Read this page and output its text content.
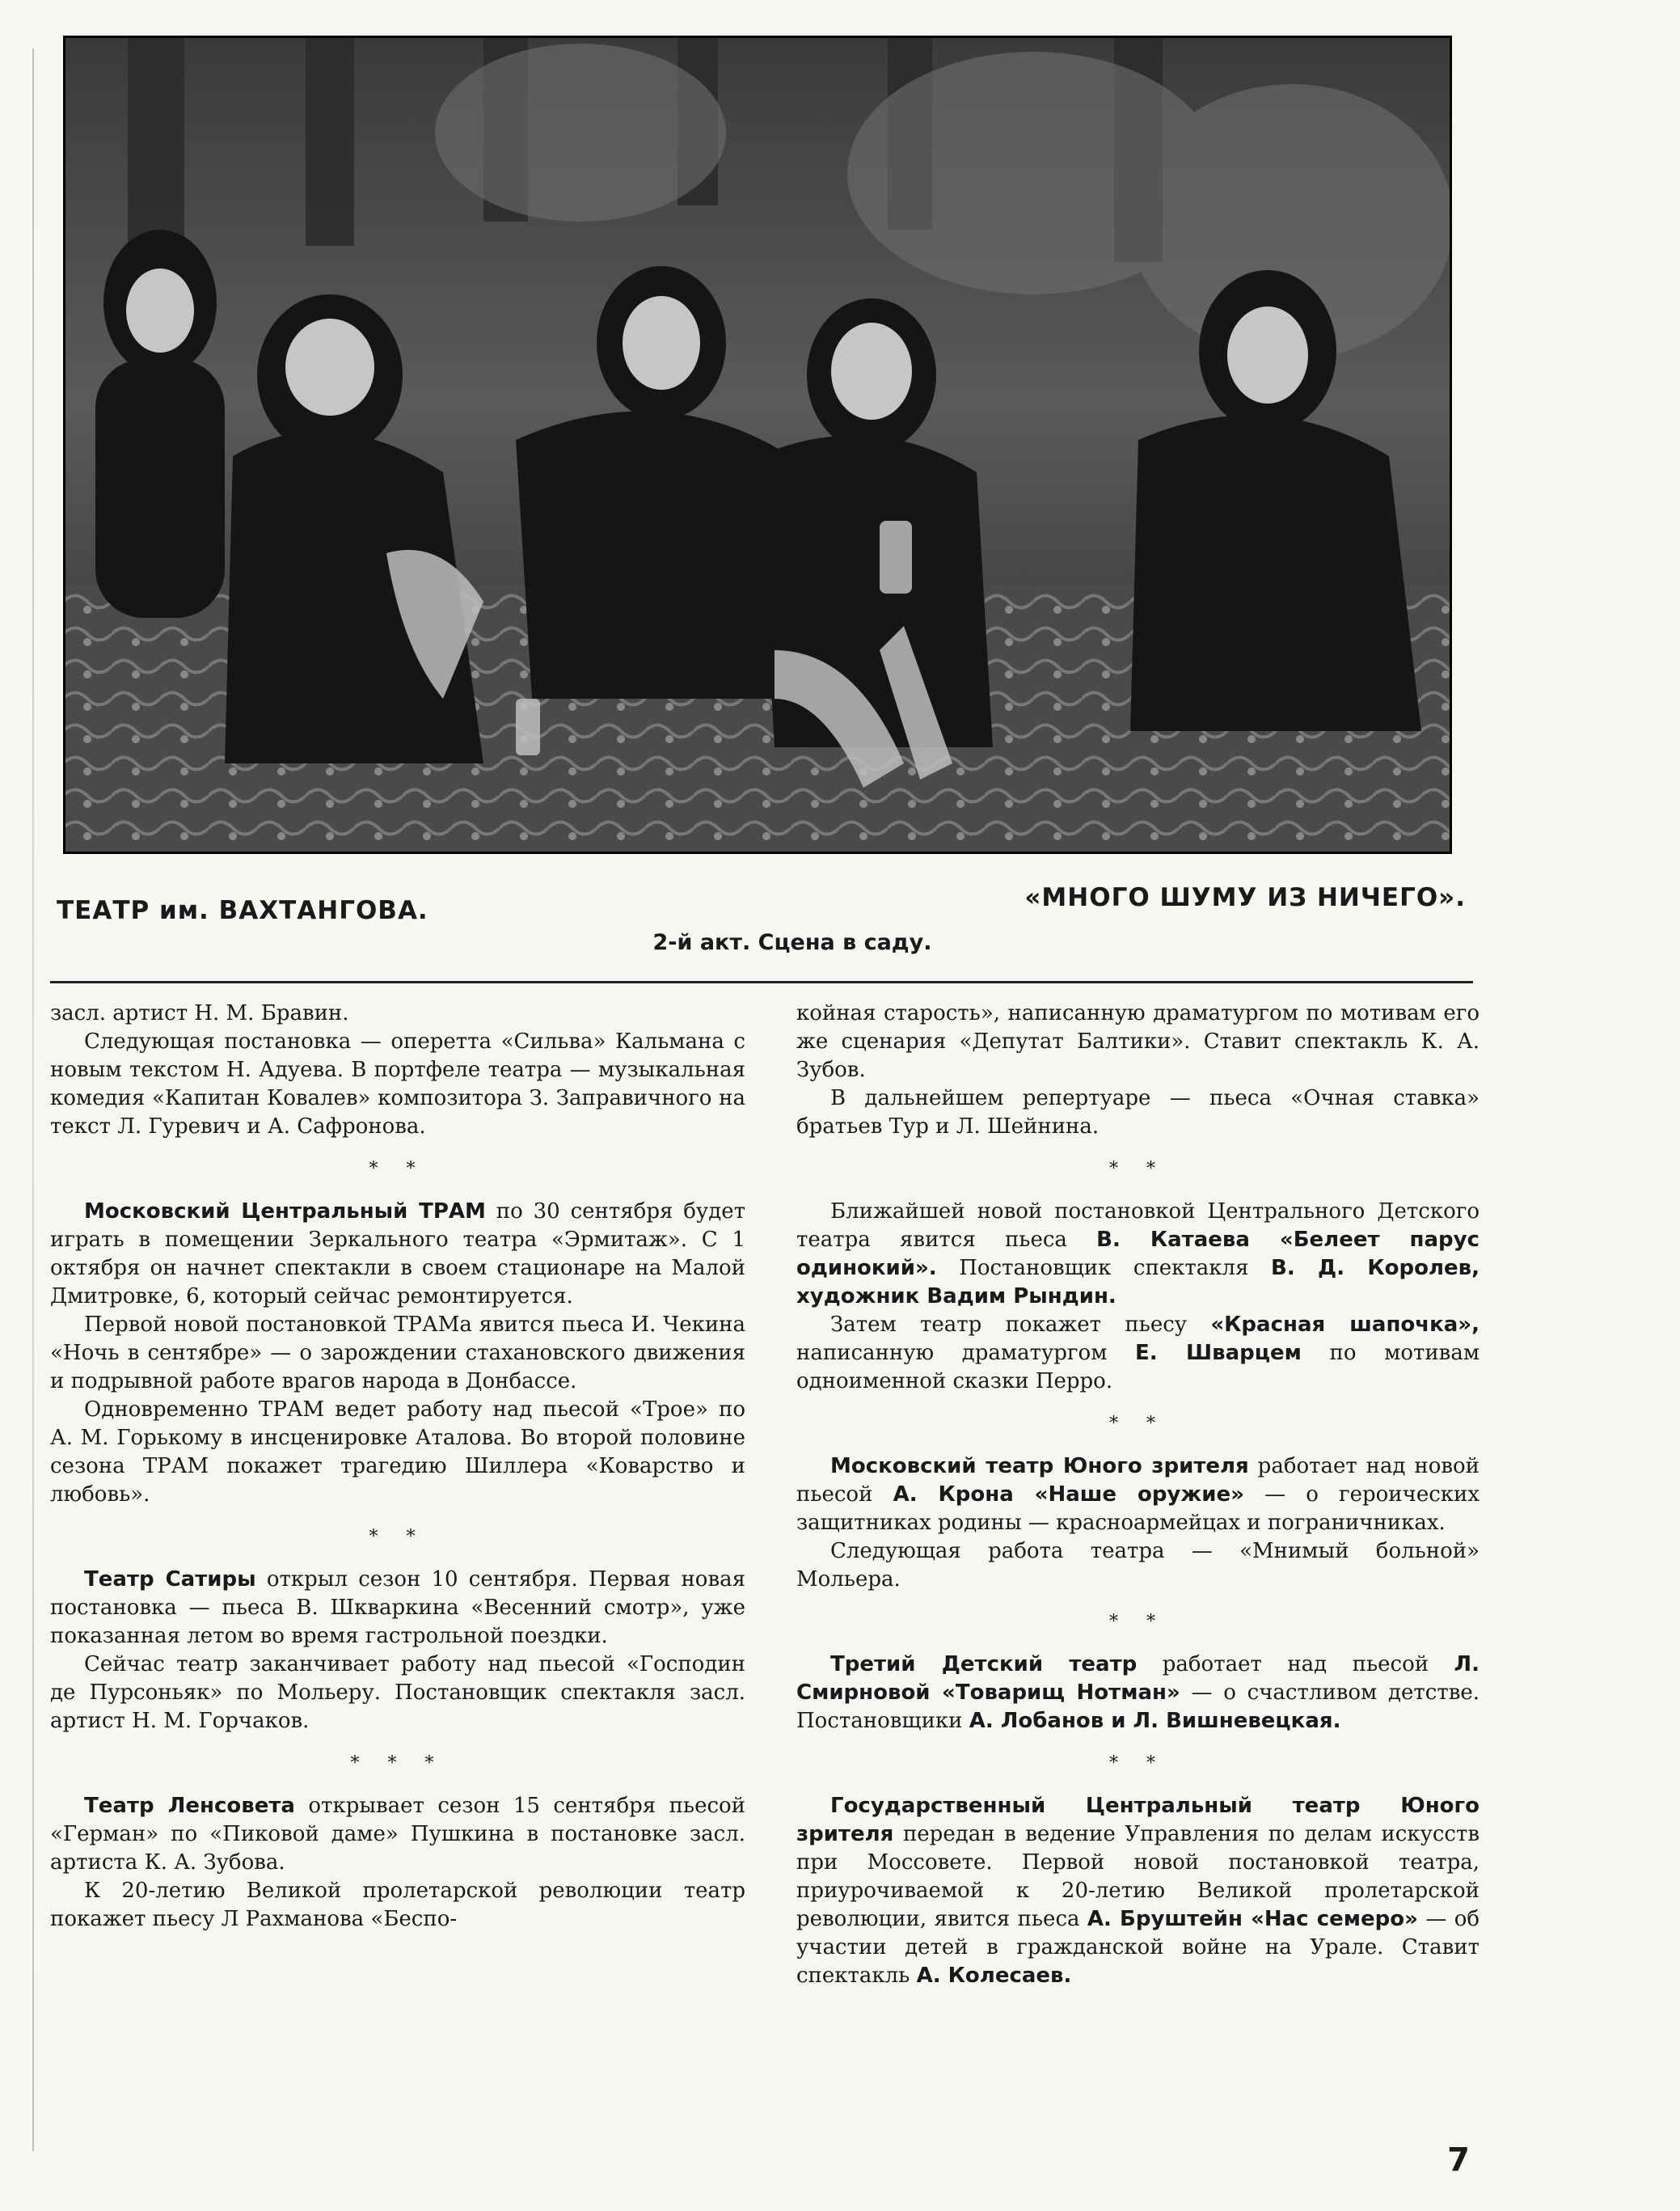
ТЕАТР им. ВАХТАНГОВА.	«МНОГО ШУМУ ИЗ НИЧЕГО».
2-й акт. Сцена в саду.

засл. артист Н. М. Бравин.

Следующая постановка — оперетта «Сильва» Кальмана с новым текстом Н. Адуева. В портфеле театра — музыкальная комедия «Капитан Ковалев» композитора З. Заправичного на текст Л. Гуревич и А. Сафронова.

* *

Московский Центральный ТРАМ по 30 сентября будет играть в помещении Зеркального театра «Эрмитаж». С 1 октября он начнет спектакли в своем стационаре на Малой Дмитровке, 6, который сейчас ремонтируется.

Первой новой постановкой ТРАМа явится пьеса И. Чекина «Ночь в сентябре» — о зарождении стахановского движения и подрывной работе врагов народа в Донбассе.

Одновременно ТРАМ ведет работу над пьесой «Трое» по А. М. Горькому в инсценировке Аталова. Во второй половине сезона ТРАМ покажет трагедию Шиллера «Коварство и любовь».

* *

Театр Сатиры открыл сезон 10 сентября. Первая новая постановка — пьеса В. Шкваркина «Весенний смотр», уже показанная летом во время гастрольной поездки.

Сейчас театр заканчивает работу над пьесой «Господин де Пурсоньяк» по Мольеру. Постановщик спектакля засл. артист Н. М. Горчаков.

* * *

Театр Ленсовета открывает сезон 15 сентября пьесой «Герман» по «Пиковой даме» Пушкина в постановке засл. артиста К. А. Зубова.

К 20-летию Великой пролетарской революции театр покажет пьесу Л Рахманова «Беспо-

койная старость», написанную драматургом по мотивам его же сценария «Депутат Балтики». Ставит спектакль К. А. Зубов.

В дальнейшем репертуаре — пьеса «Очная ставка» братьев Тур и Л. Шейнина.

* *

Ближайшей новой постановкой Центрального Детского театра явится пьеса В. Катаева «Белеет парус одинокий». Постановщик спектакля В. Д. Королев, художник Вадим Рындин.

Затем театр покажет пьесу «Красная шапочка», написанную драматургом Е. Шварцем по мотивам одноименной сказки Перро.

* *

Московский театр Юного зрителя работает над новой пьесой А. Крона «Наше оружие» — о героических защитниках родины — красноармейцах и пограничниках.

Следующая работа театра — «Мнимый больной» Мольера.

* *

Третий Детский театр работает над пьесой Л. Смирновой «Товарищ Нотман» — о счастливом детстве. Постановщики А. Лобанов и Л. Вишневецкая.

* *

Государственный Центральный театр Юного зрителя передан в ведение Управления по делам искусств при Моссовете. Первой новой постановкой театра, приурочиваемой к 20-летию Великой пролетарской революции, явится пьеса А. Бруштейн «Нас семеро» — об участии детей в гражданской войне на Урале. Ставит спектакль А. Колесаев.

7
